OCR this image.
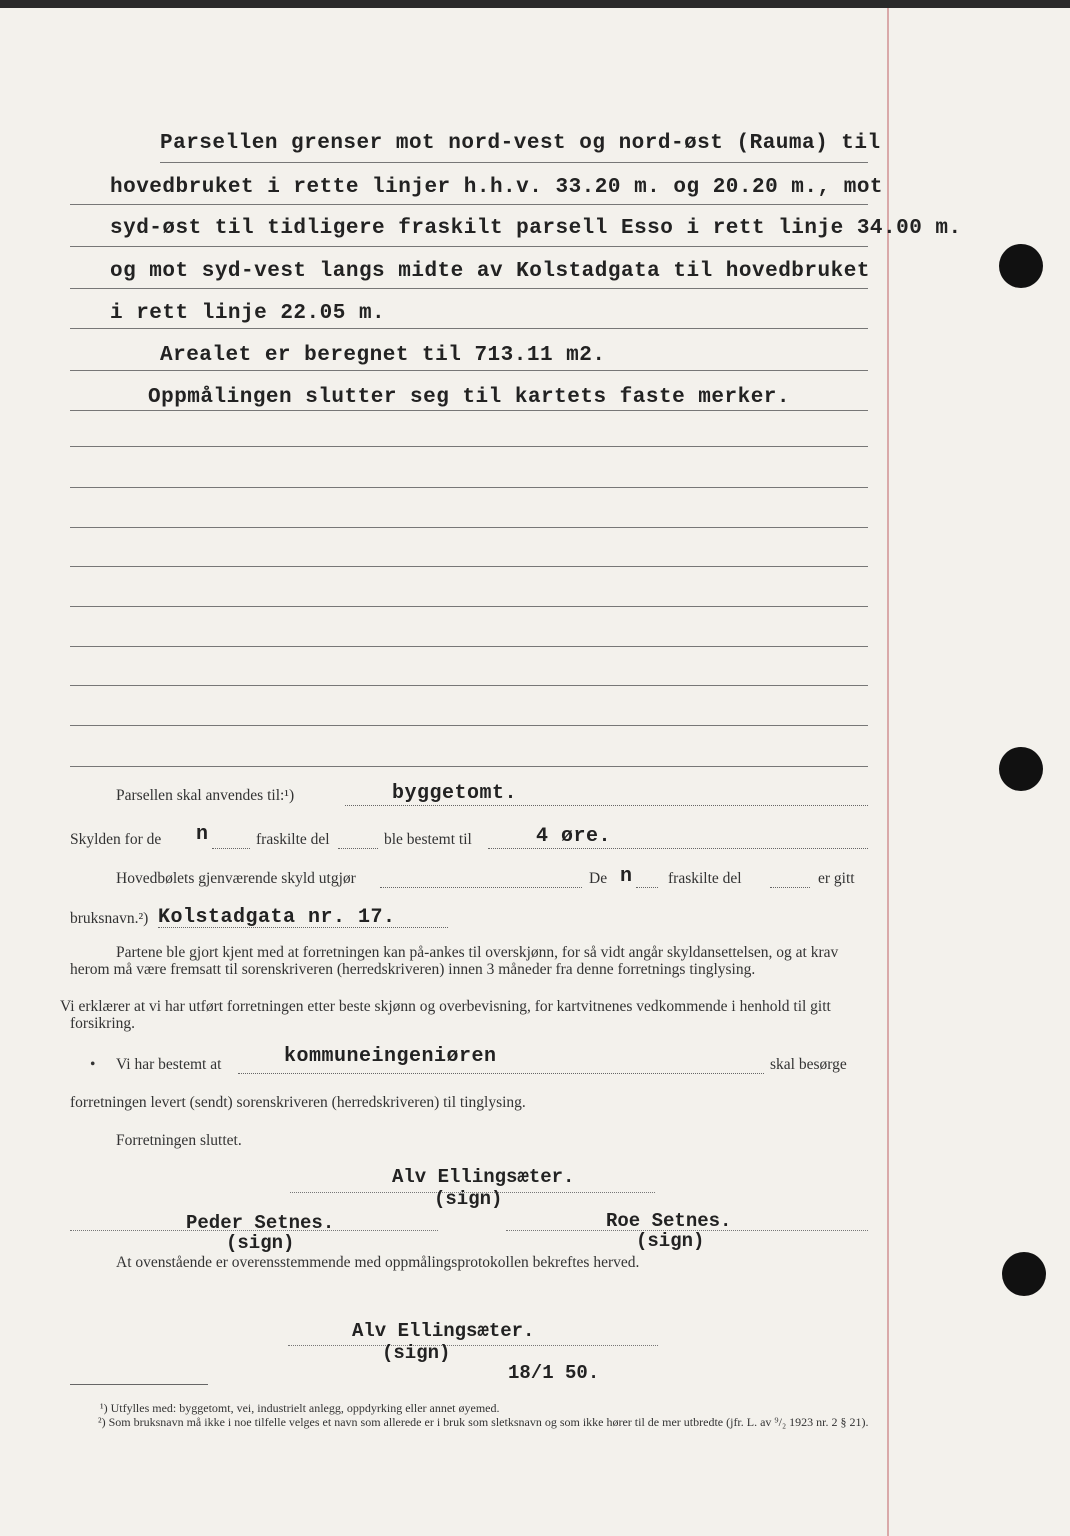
Parsellen grenser mot nord-vest og nord-øst (Rauma) til
hovedbruket i rette linjer h.h.v. 33.20 m. og 20.20 m., mot
syd-øst til tidligere fraskilt parsell Esso i rett linje 34.00 m.
og mot syd-vest langs midte av Kolstadgata til hovedbruket
i rett linje 22.05 m.
Arealet er beregnet til 713.11 m2.
Oppmålingen slutter seg til kartets faste merker.
Parsellen skal anvendes til:¹)	byggetomt.
Skylden for de n	fraskilte del	ble bestemt til	4 øre.
Hovedbølets gjenværende skyld utgjør	De n fraskilte del	er gitt
bruksnavn.²) Kolstadgata nr. 17.
Partene ble gjort kjent med at forretningen kan på-ankes til overskjønn, for så vidt angår skyldansettelsen, og at krav herom må være fremsatt til sorenskriveren (herredskriveren) innen 3 måneder fra denne forretnings tinglysing.
Vi erklærer at vi har utført forretningen etter beste skjønn og overbevisning, for kartvitnenes vedkommende i henhold til gitt forsikring.
• Vi har bestemt at	kommuneingeniøren	skal besørge
forretningen levert (sendt) sorenskriveren (herredskriveren) til tinglysing.
Forretningen sluttet.
Alv Ellingsæter.
(sign)
Peder Setnes.
(sign)
Roe Setnes.
(sign)
At ovenstående er overensstemmende med oppmålingsprotokollen bekreftes herved.
Alv Ellingsæter.
(sign)
18/1 50.
¹) Utfylles med: byggetomt, vei, industrielt anlegg, oppdyrking eller annet øyemed.
²) Som bruksnavn må ikke i noe tilfelle velges et navn som allerede er i bruk som sletksnavn og som ikke hører til de mer utbredte (jfr. L. av ⁹/₂ 1923 nr. 2 § 21).
